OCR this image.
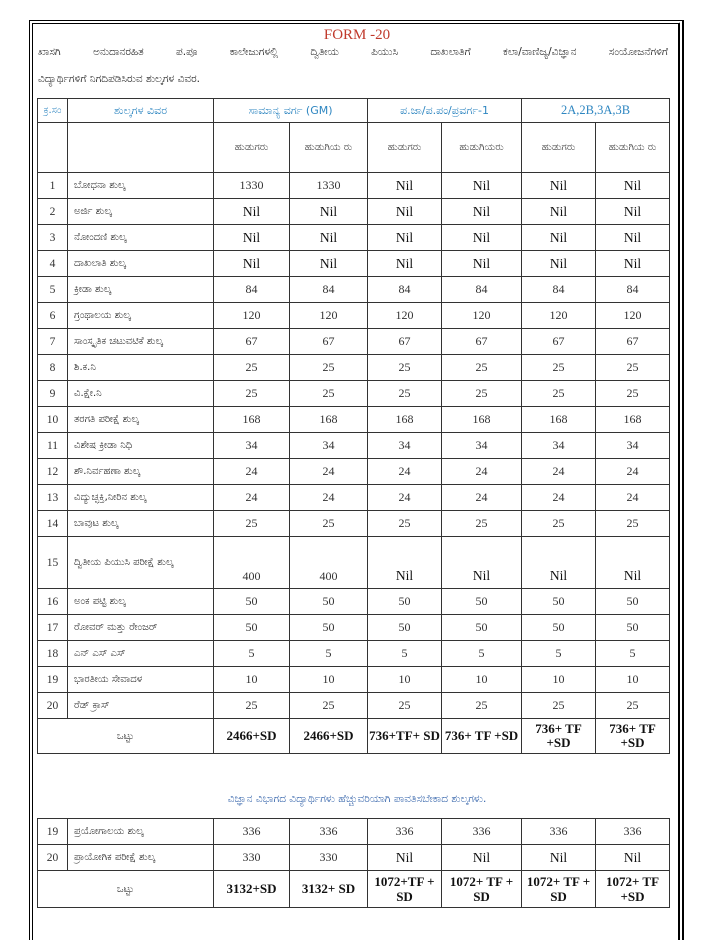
FORM -20
ಖಾಸಗಿ ಅನುದಾನರಹಿತ ಪ.ಪೂ ಕಾಲೇಜುಗಳಲ್ಲಿ ದ್ವಿತೀಯ ಪಿಯುಸಿ ದಾಖಲಾತಿಗೆ ಕಲಾ/ವಾಣಿಜ್ಯ/ವಿಜ್ಞಾನ ಸಂಯೋಜನೆಗಳಿಗೆ
ವಿದ್ಯಾರ್ಥಿಗಳಿಗೆ ನಿಗದಿಪಡಿಸಿರುವ ಶುಲ್ಕಗಳ ವಿವರ.
ಕ್ರ.ಸಂ	ಶುಲ್ಕಗಳ ವಿವರ	ಸಾಮಾನ್ಯ ವರ್ಗ (GM)		ಪ.ಜಾ/ಪ.ಪಂ/ಪ್ರವರ್ಗ-1		2A,2B,3A,3B	
		ಹುಡುಗರು	ಹುಡುಗಿಯ ರು	ಹುಡುಗರು	ಹುಡುಗಿಯರು	ಹುಡುಗರು	ಹುಡುಗಿಯ ರು
1	ಬೋಧನಾ ಶುಲ್ಕ	1330	1330	Nil	Nil	Nil	Nil
2	ಅರ್ಜಿ ಶುಲ್ಕ	Nil	Nil	Nil	Nil	Nil	Nil
3	ನೋಂದಣಿ ಶುಲ್ಕ	Nil	Nil	Nil	Nil	Nil	Nil
4	ದಾಖಲಾತಿ ಶುಲ್ಕ	Nil	Nil	Nil	Nil	Nil	Nil
5	ಕ್ರೀಡಾ ಶುಲ್ಕ	84	84	84	84	84	84
6	ಗ್ರಂಥಾಲಯ ಶುಲ್ಕ	120	120	120	120	120	120
7	ಸಾಂಸ್ಕೃತಿಕ ಚಟುವಟಿಕೆ ಶುಲ್ಕ	67	67	67	67	67	67
8	ಶಿ.ಕ.ನಿ	25	25	25	25	25	25
9	ವಿ.ಕ್ಷೇ.ನಿ	25	25	25	25	25	25
10	ತರಗತಿ ಪರೀಕ್ಷೆ ಶುಲ್ಕ	168	168	168	168	168	168
11	ವಿಶೇಷ ಕ್ರೀಡಾ ನಿಧಿ	34	34	34	34	34	34
12	ಶೌ.ನಿರ್ವಹಣಾ ಶುಲ್ಕ	24	24	24	24	24	24
13	ವಿದ್ಯುಚ್ಛಕ್ತಿ,ನೀರಿನ ಶುಲ್ಕ	24	24	24	24	24	24
14	ಬಾವುಟ ಶುಲ್ಕ	25	25	25	25	25	25
15	ದ್ವಿತೀಯ ಪಿಯುಸಿ ಪರೀಕ್ಷೆ ಶುಲ್ಕ	400	400	Nil	Nil	Nil	Nil
16	ಅಂಕ ಪಟ್ಟಿ ಶುಲ್ಕ	50	50	50	50	50	50
17	ರೋವರ್ ಮತ್ತು ರೇಂಜರ್	50	50	50	50	50	50
18	ಎನ್ ಎಸ್ ಎಸ್	5	5	5	5	5	5
19	ಭಾರತೀಯ ಸೇವಾದಳ	10	10	10	10	10	10
20	ರೆಡ್ ಕ್ರಾಸ್	25	25	25	25	25	25
ಒಟ್ಟು		2466+SD	2466+SD	736+TF+ SD	736+ TF +SD	736+ TF +SD	736+ TF +SD
ವಿಜ್ಞಾನ ವಿಭಾಗದ ವಿದ್ಯಾರ್ಥಿಗಳು ಹೆಚ್ಚುವರಿಯಾಗಿ ಪಾವತಿಸಬೇಕಾದ ಶುಲ್ಕಗಳು.
19	ಪ್ರಯೋಗಾಲಯ ಶುಲ್ಕ	336	336	336	336	336	336
20	ಪ್ರಾಯೋಗಿಕ ಪರೀಕ್ಷೆ ಶುಲ್ಕ	330	330	Nil	Nil	Nil	Nil
ಒಟ್ಟು		3132+SD	3132+ SD	1072+TF + SD	1072+ TF + SD	1072+ TF + SD	1072+ TF +SD
